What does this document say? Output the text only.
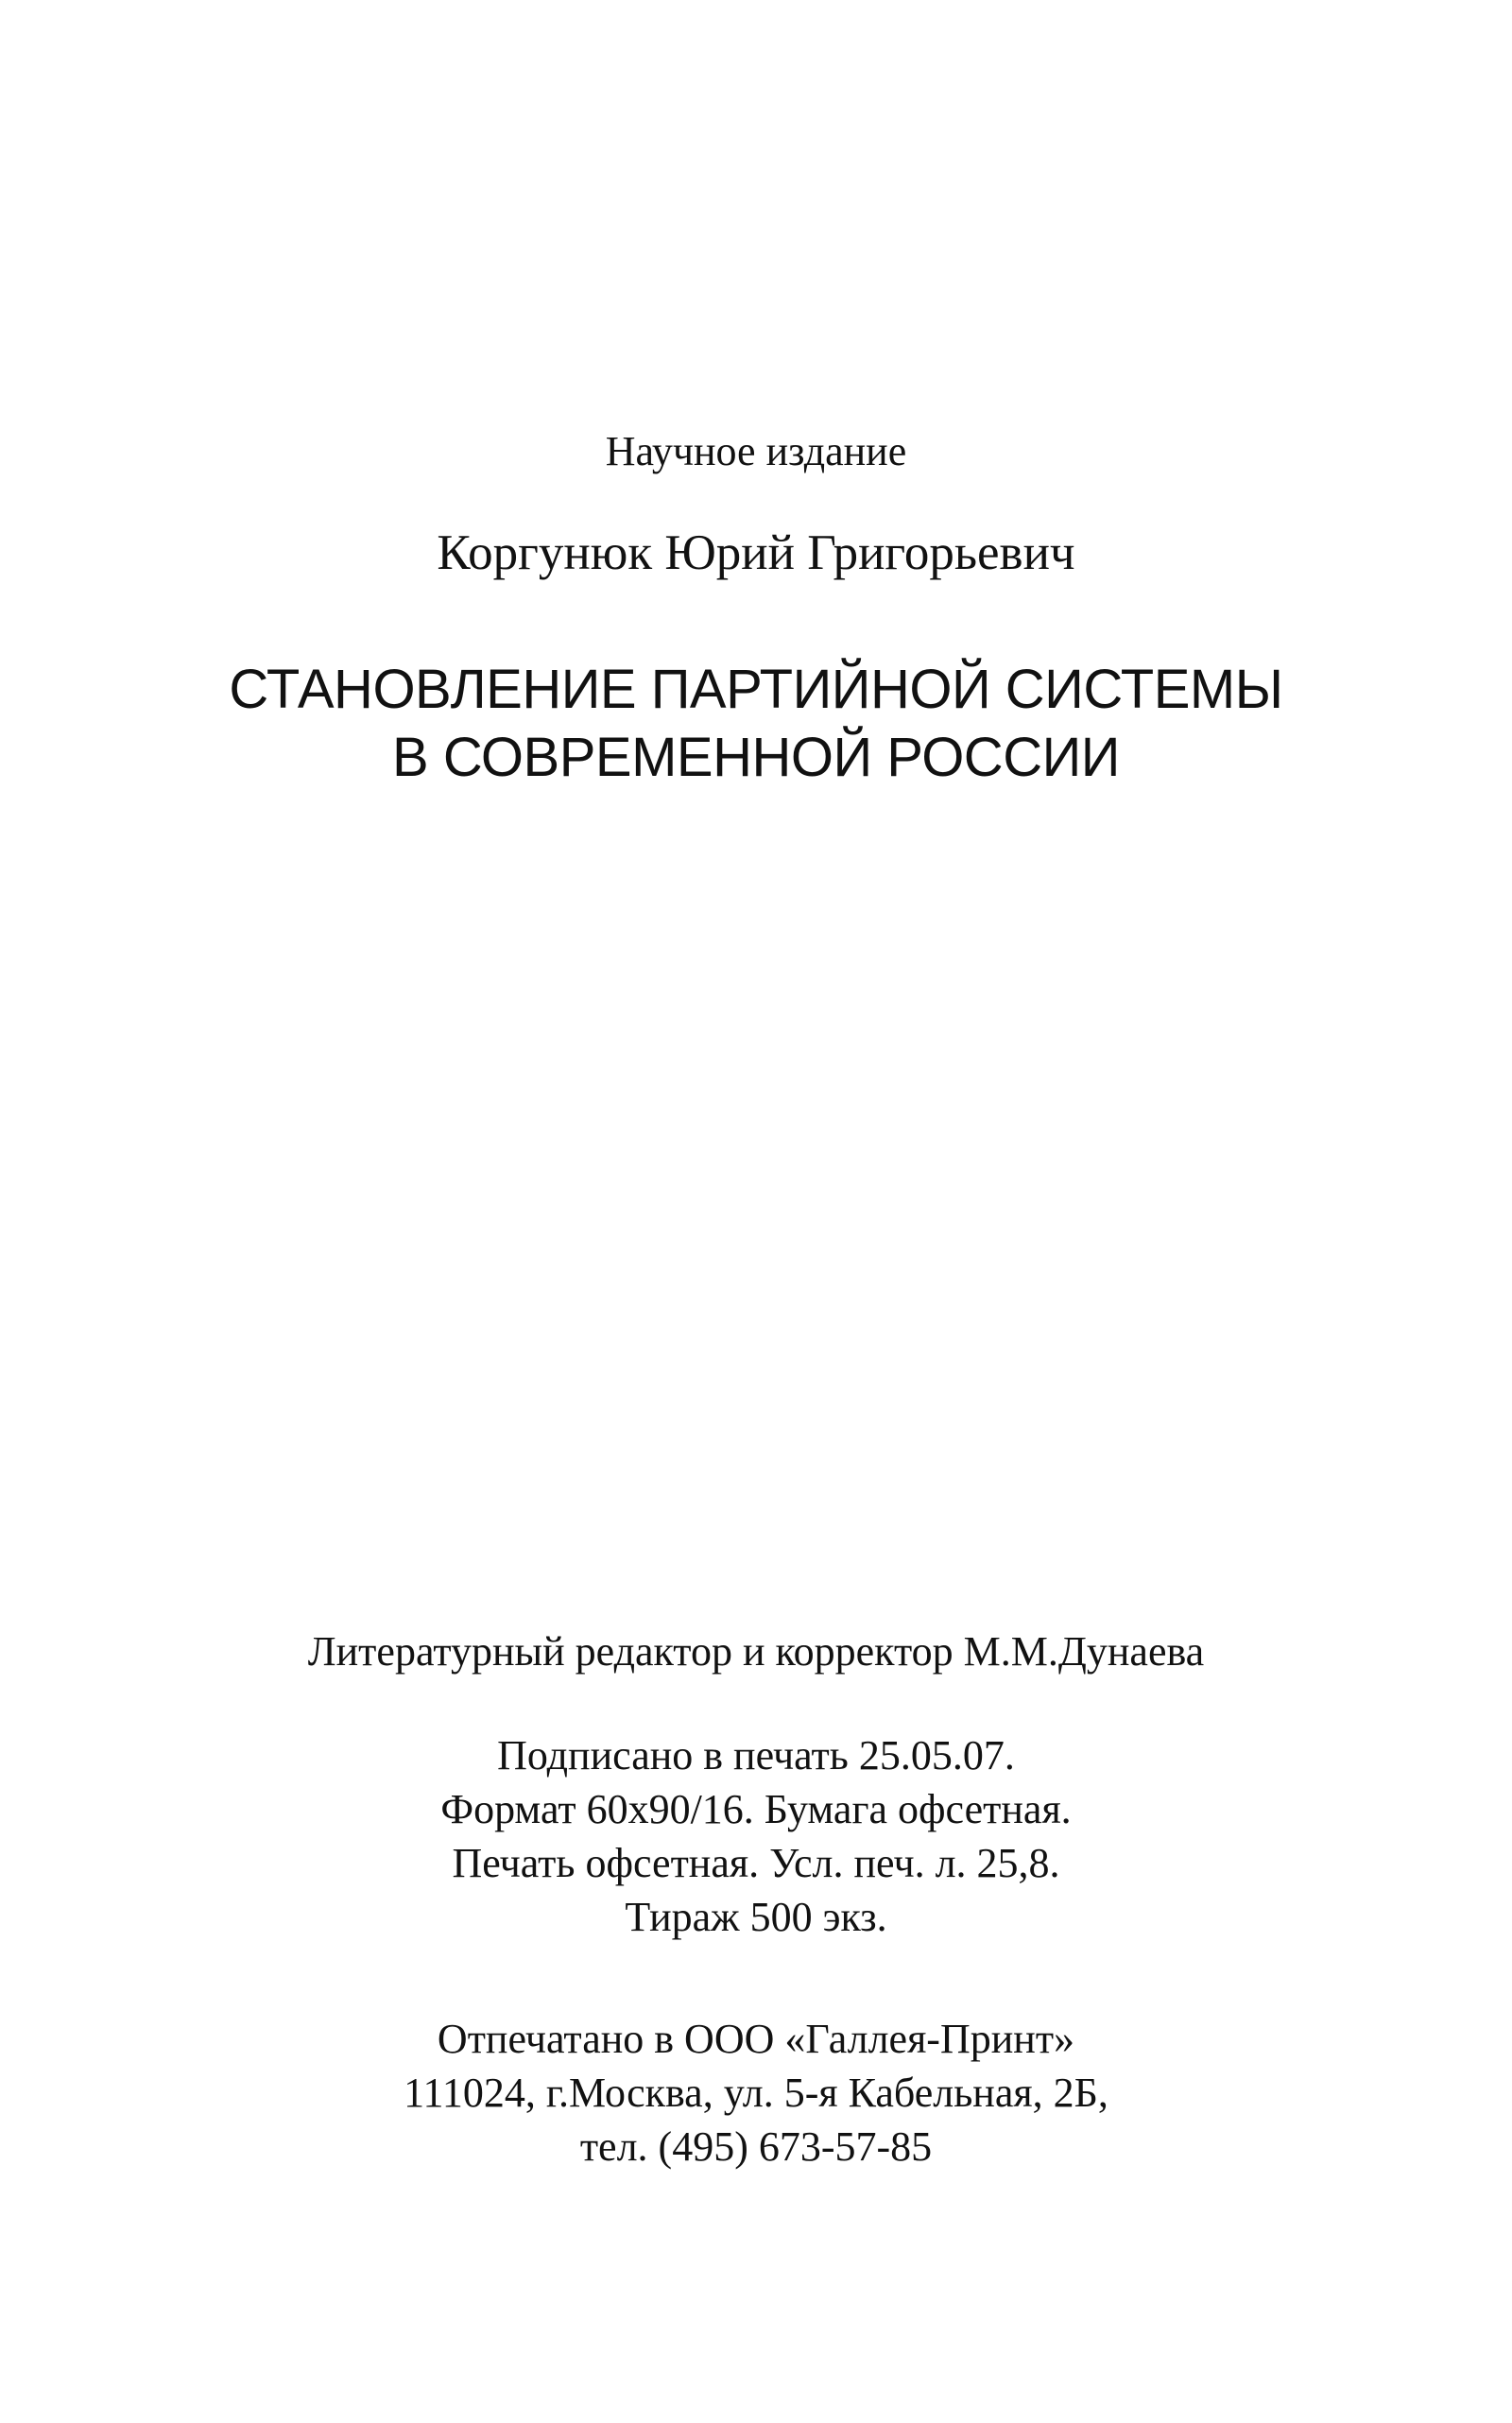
Научное издание
Коргунюк Юрий Григорьевич
СТАНОВЛЕНИЕ ПАРТИЙНОЙ СИСТЕМЫ
В СОВРЕМЕННОЙ РОССИИ
Литературный редактор и корректор М.М.Дунаева
Подписано в печать 25.05.07.
Формат 60х90/16. Бумага офсетная.
Печать офсетная. Усл. печ. л. 25,8.
Тираж 500 экз.
Отпечатано в ООО «Галлея-Принт»
111024, г.Москва, ул. 5-я Кабельная, 2Б,
тел. (495) 673-57-85
